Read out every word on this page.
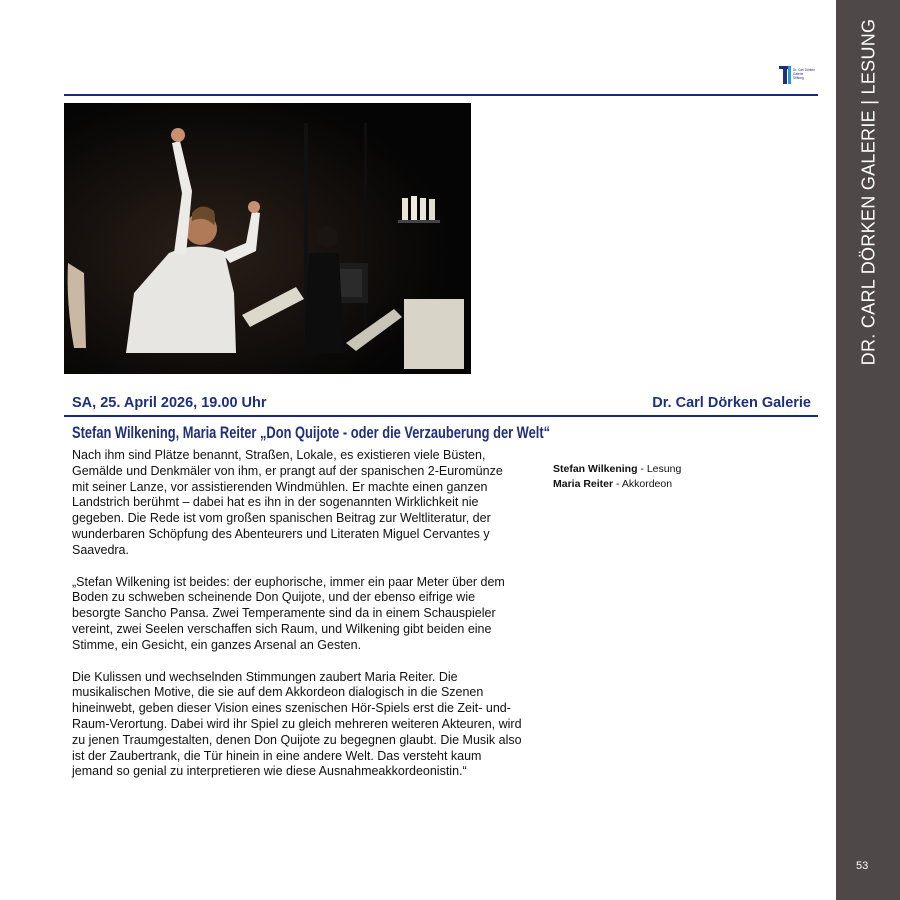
DR. CARL DÖRKEN GALERIE | LESUNG
53
Dr. Carl Dörken
Galerie
Stiftung
SA, 25. April 2026, 19.00 Uhr	Dr. Carl Dörken Galerie
Stefan Wilkening, Maria Reiter „Don Quijote - oder die Verzauberung der Welt“

Nach ihm sind Plätze benannt, Straßen, Lokale, es existieren viele Büsten, Gemälde und Denkmäler von ihm, er prangt auf der spanischen 2-Euromünze mit seiner Lanze, vor assistierenden Windmühlen. Er machte einen ganzen Landstrich berühmt – dabei hat es ihn in der sogenannten Wirklichkeit nie gegeben. Die Rede ist vom großen spanischen Beitrag zur Weltliteratur, der wunderbaren Schöpfung des Abenteurers und Literaten Miguel Cervantes y Saavedra.

„Stefan Wilkening ist beides: der euphorische, immer ein paar Meter über dem Boden zu schweben scheinende Don Quijote, und der ebenso eifrige wie besorgte Sancho Pansa. Zwei Temperamente sind da in einem Schauspieler vereint, zwei Seelen verschaffen sich Raum, und Wilkening gibt beiden eine Stimme, ein Gesicht, ein ganzes Arsenal an Gesten.

Die Kulissen und wechselnden Stimmungen zaubert Maria Reiter. Die musikalischen Motive, die sie auf dem Akkordeon dialogisch in die Szenen hineinwebt, geben dieser Vision eines szenischen Hör-Spiels erst die Zeit- und-Raum-Verortung. Dabei wird ihr Spiel zu gleich mehreren weiteren Akteuren, wird zu jenen Traumgestalten, denen Don Quijote zu begegnen glaubt. Die Musik also ist der Zaubertrank, die Tür hinein in eine andere Welt. Das versteht kaum jemand so genial zu interpretieren wie diese Ausnahmeakkordeonistin.“

Stefan Wilkening - Lesung
Maria Reiter - Akkordeon
